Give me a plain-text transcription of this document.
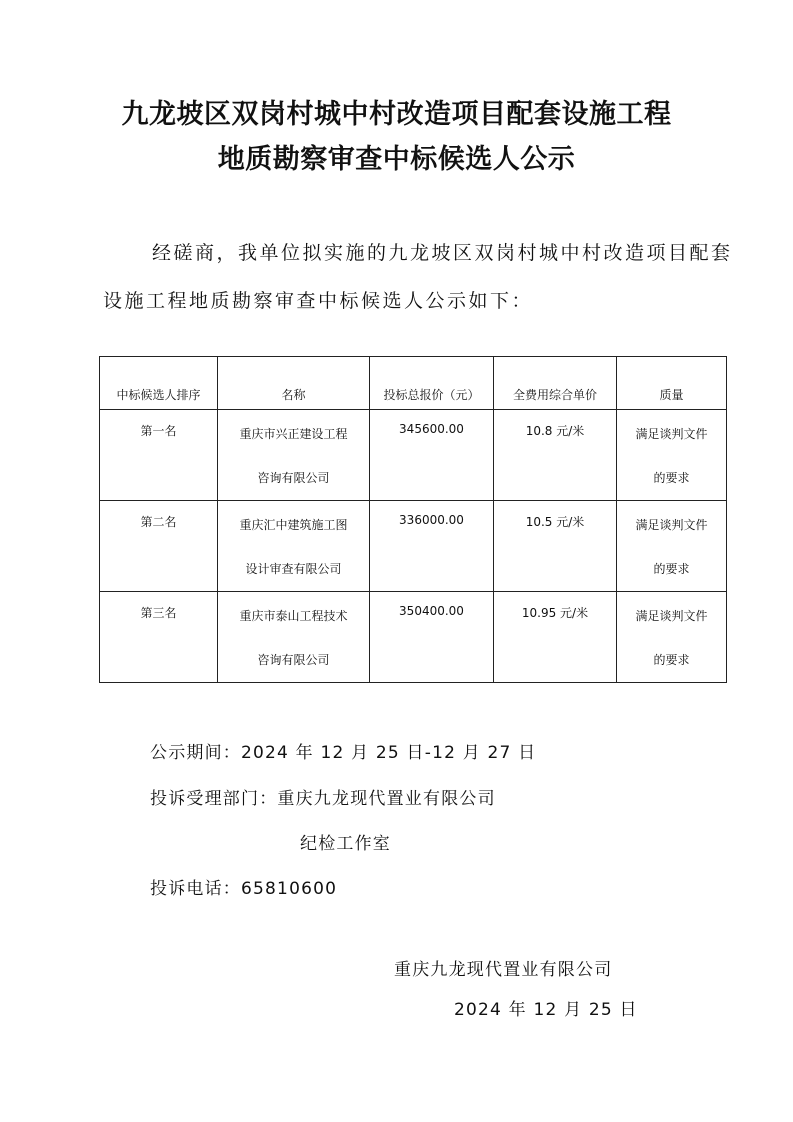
九龙坡区双岗村城中村改造项目配套设施工程
地质勘察审查中标候选人公示
经磋商，我单位拟实施的九龙坡区双岗村城中村改造项目配套
设施工程地质勘察审查中标候选人公示如下：
中标候选人排序	名称	投标总报价（元）	全费用综合单价	质量

第一名	重庆市兴正建设工程
咨询有限公司	345600.00	10.8 元/米	满足谈判文件
的要求

第二名	重庆汇中建筑施工图
设计审查有限公司	336000.00	10.5 元/米	满足谈判文件
的要求

第三名	重庆市泰山工程技术
咨询有限公司	350400.00	10.95 元/米	满足谈判文件
的要求
公示期间：2024 年 12 月 25 日-12 月 27 日
投诉受理部门：重庆九龙现代置业有限公司
纪检工作室
投诉电话：65810600
重庆九龙现代置业有限公司
2024 年 12 月 25 日
